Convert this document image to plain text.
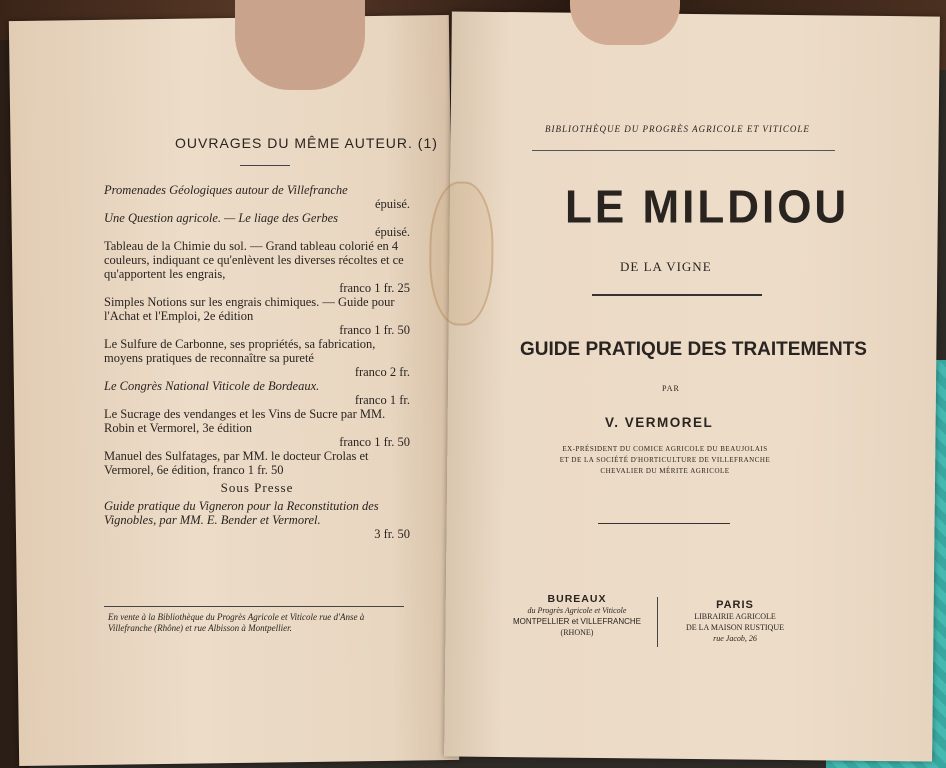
OUVRAGES DU MÊME AUTEUR. (1)
Promenades Géologiques autour de Villefranche
épuisé.
Une Question agricole. — Le liage des Gerbes
épuisé.
Tableau de la Chimie du sol. — Grand tableau colorié en 4 couleurs, indiquant ce qu'enlèvent les diverses récoltes et ce qu'apportent les engrais,
franco 1 fr. 25
Simples Notions sur les engrais chimiques. — Guide pour l'Achat et l'Emploi, 2e édition
franco 1 fr. 50
Le Sulfure de Carbonne, ses propriétés, sa fabrication, moyens pratiques de reconnaître sa pureté
franco 2 fr.
Le Congrès National Viticole de Bordeaux.
franco 1 fr.
Le Sucrage des vendanges et les Vins de Sucre par MM. Robin et Vermorel, 3e édition
franco 1 fr. 50
Manuel des Sulfatages, par MM. le docteur Crolas et Vermorel, 6e édition, franco 1 fr. 50
Sous Presse
Guide pratique du Vigneron pour la Reconstitution des Vignobles, par MM. E. Bender et Vermorel.
3 fr. 50
En vente à la Bibliothèque du Progrès Agricole et Viticole rue d'Anse à Villefranche (Rhône) et rue Albisson à Montpellier.
BIBLIOTHÈQUE DU PROGRÈS AGRICOLE ET VITICOLE
LE MILDIOU
DE LA VIGNE
GUIDE PRATIQUE DES TRAITEMENTS
PAR
V. VERMOREL
EX-PRÉSIDENT DU COMICE AGRICOLE DU BEAUJOLAIS
ET DE LA SOCIÉTÉ D'HORTICULTURE DE VILLEFRANCHE
CHEVALIER DU MÉRITE AGRICOLE
BUREAUX
du Progrès Agricole et Viticole
MONTPELLIER et VILLEFRANCHE
(RHONE)
PARIS
LIBRAIRIE AGRICOLE
DE LA MAISON RUSTIQUE
rue Jacob, 26
